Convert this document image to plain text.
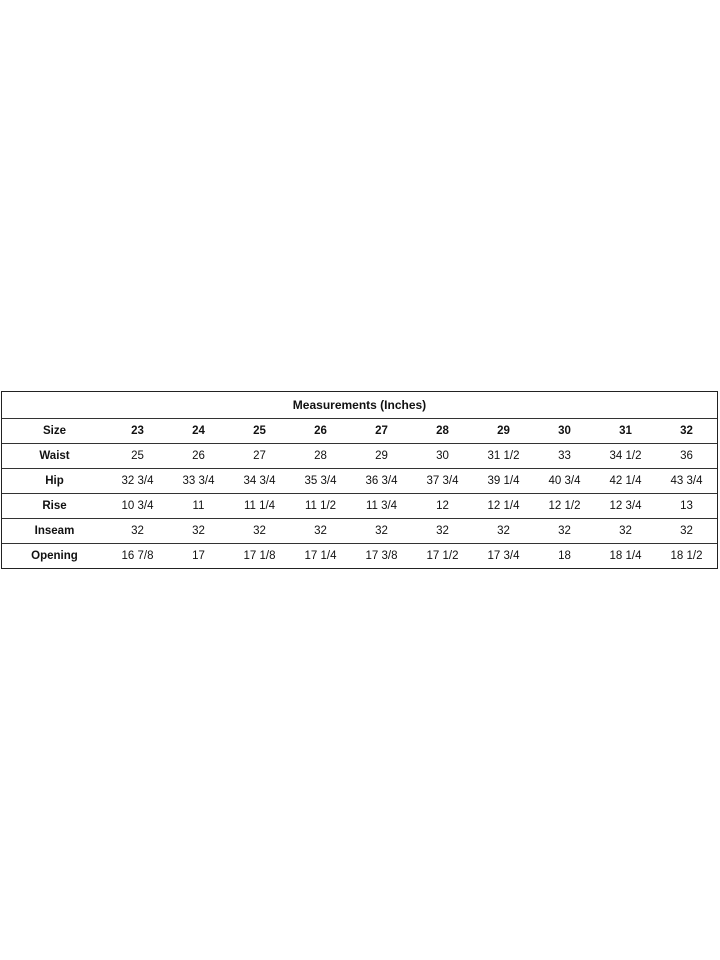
Measurements (Inches)
Size	23	24	25	26	27	28	29	30	31	32
Waist	25	26	27	28	29	30	31 1/2	33	34 1/2	36
Hip	32 3/4	33 3/4	34 3/4	35 3/4	36 3/4	37 3/4	39 1/4	40 3/4	42 1/4	43 3/4
Rise	10 3/4	11	11 1/4	11 1/2	11 3/4	12	12 1/4	12 1/2	12 3/4	13
Inseam	32	32	32	32	32	32	32	32	32	32
Opening	16 7/8	17	17 1/8	17 1/4	17 3/8	17 1/2	17 3/4	18	18 1/4	18 1/2
